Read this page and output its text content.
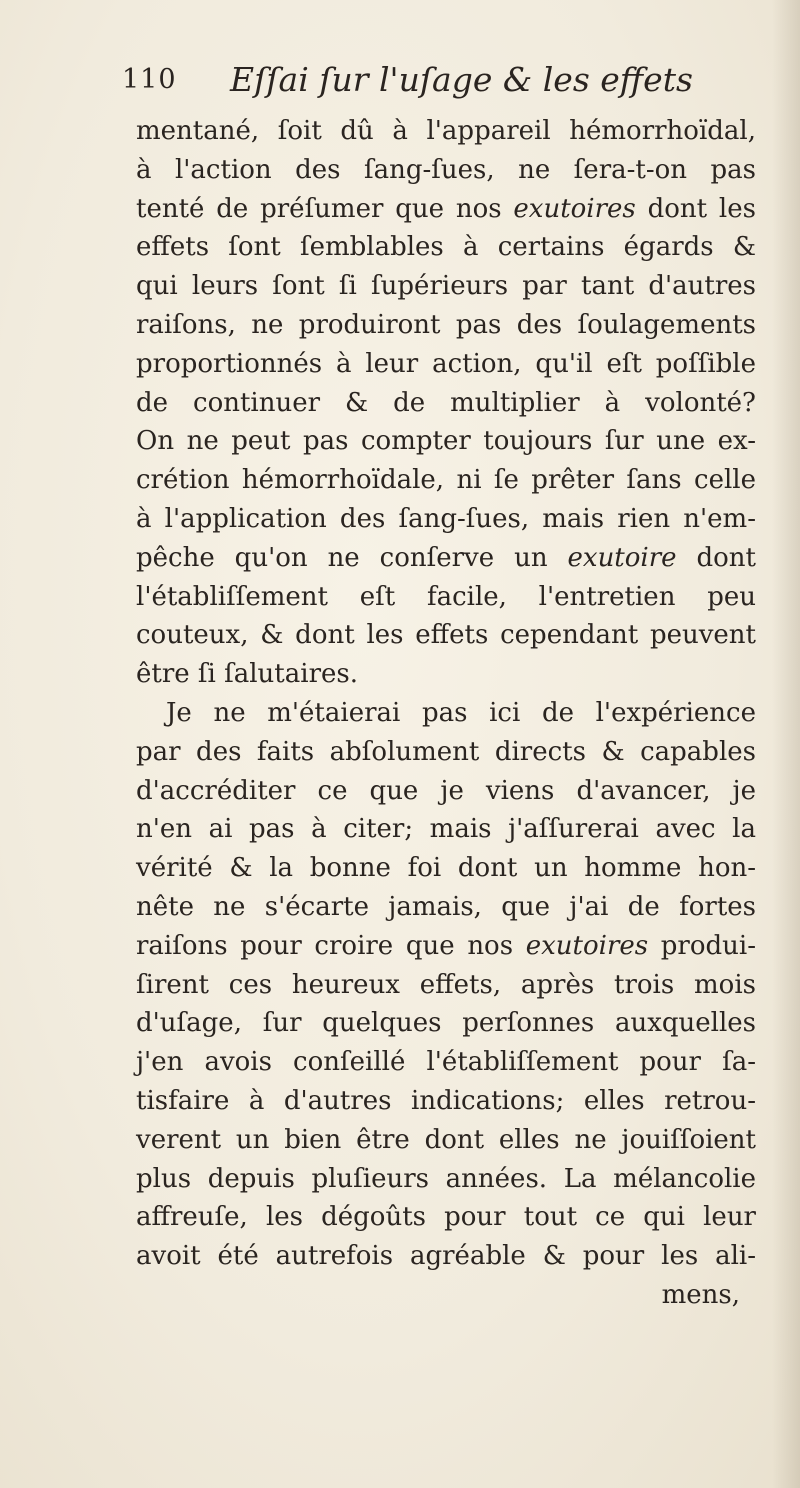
110 Eſſai ſur l'uſage & les effets
mentané, ſoit dû à l'appareil hémorrhoïdal,
à l'action des ſang-ſues, ne ſera-t-on pas
tenté de préſumer que nos exutoires dont les
effets ſont ſemblables à certains égards &
qui leurs ſont ſi ſupérieurs par tant d'autres
raiſons, ne produiront pas des ſoulagements
proportionnés à leur action, qu'il eſt poſſible
de continuer & de multiplier à volonté?
On ne peut pas compter toujours ſur une ex-
crétion hémorrhoïdale, ni ſe prêter ſans celle
à l'application des ſang-ſues, mais rien n'em-
pêche qu'on ne conſerve un exutoire dont
l'établiſſement eſt facile, l'entretien peu
couteux, & dont les effets cependant peuvent
être ſi ſalutaires.
Je ne m'étaierai pas ici de l'expérience
par des faits abſolument directs & capables
d'accréditer ce que je viens d'avancer, je
n'en ai pas à citer; mais j'aſſurerai avec la
vérité & la bonne foi dont un homme hon-
nête ne s'écarte jamais, que j'ai de fortes
raiſons pour croire que nos exutoires produi-
ſirent ces heureux effets, après trois mois
d'uſage, ſur quelques perſonnes auxquelles
j'en avois conſeillé l'établiſſement pour ſa-
tisfaire à d'autres indications; elles retrou-
verent un bien être dont elles ne jouiſſoient
plus depuis pluſieurs années. La mélancolie
affreuſe, les dégoûts pour tout ce qui leur
avoit été autrefois agréable & pour les ali-
mens,
